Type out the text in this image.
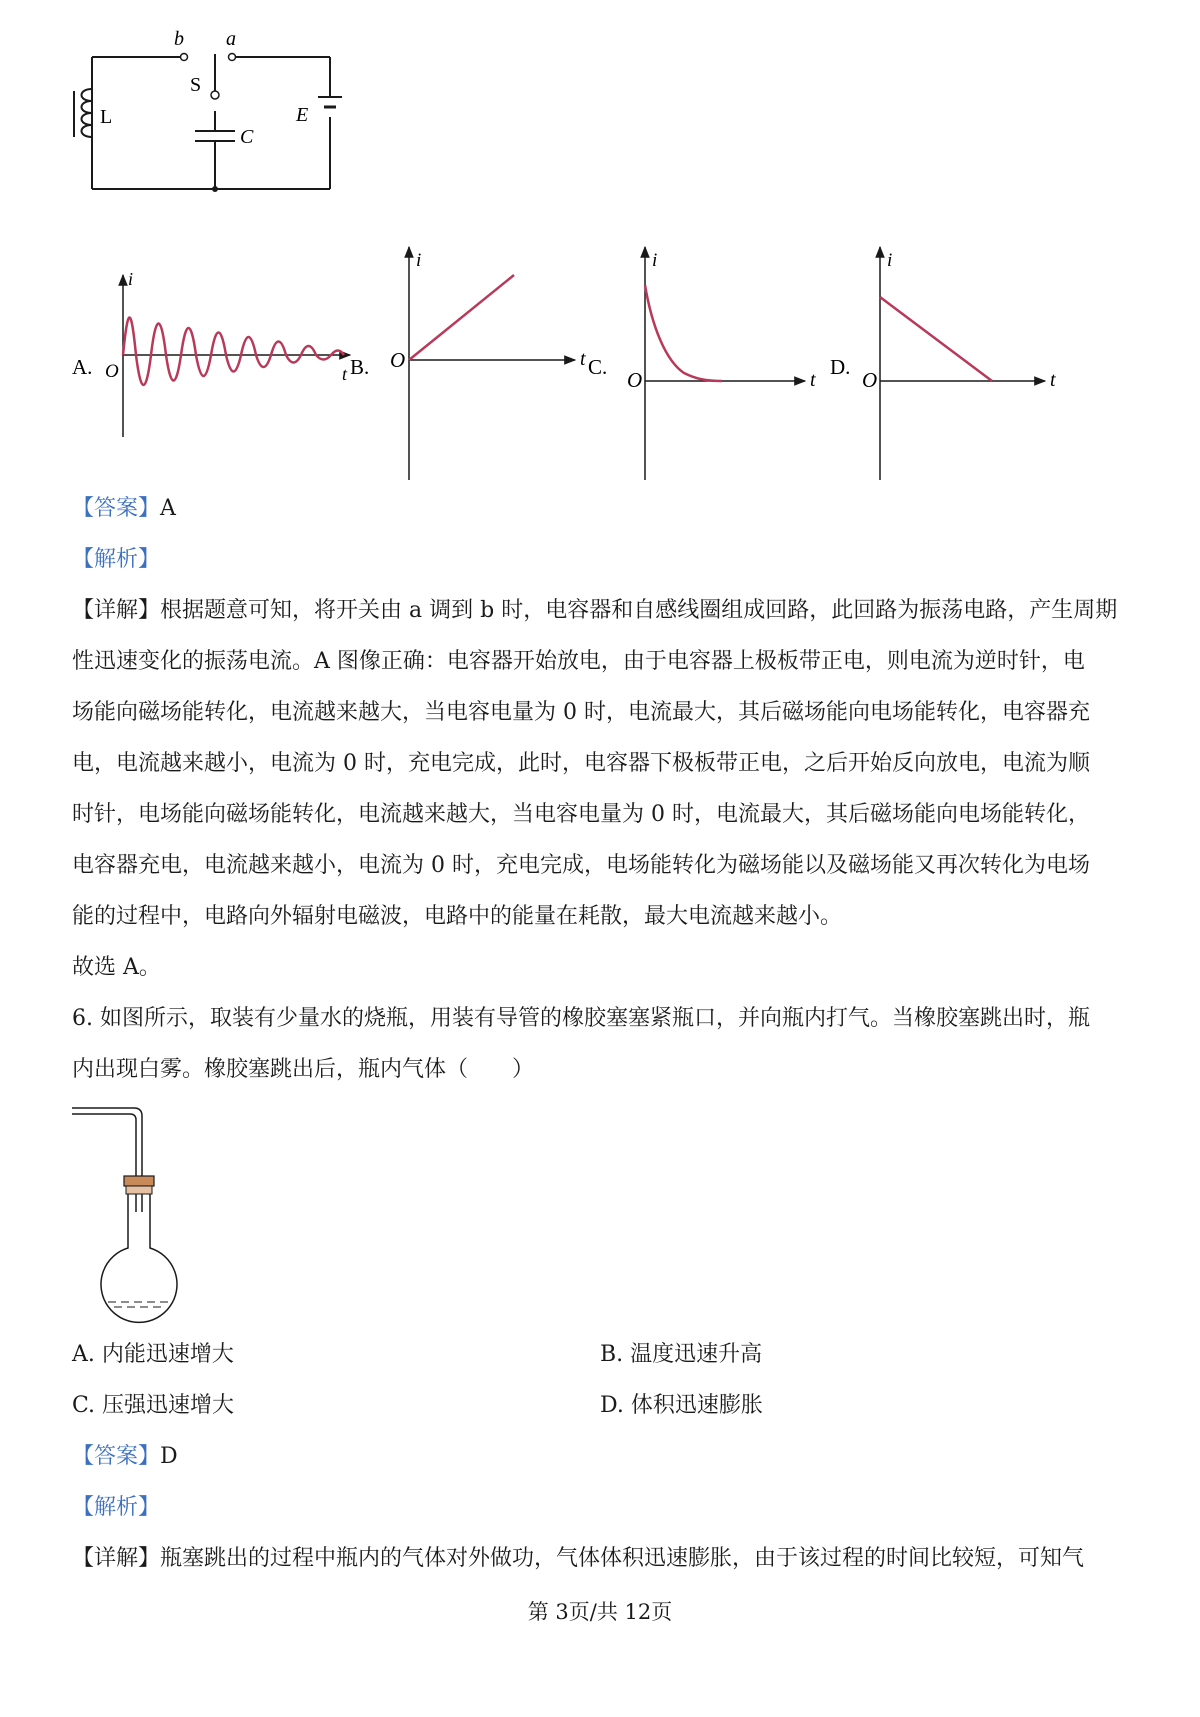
b a
S
L
C
E
A. O
i
t B. O
i
t C.
O
i
t
D.
O
i
t
【答案】A
【解析】
【详解】根据题意可知，将开关由 a 调到 b 时，电容器和自感线圈组成回路，此回路为振荡电路，产生周期
性迅速变化的振荡电流。A 图像正确：电容器开始放电，由于电容器上极板带正电，则电流为逆时针，电
场能向磁场能转化，电流越来越大，当电容电量为 0 时，电流最大，其后磁场能向电场能转化，电容器充
电，电流越来越小，电流为 0 时，充电完成，此时，电容器下极板带正电，之后开始反向放电，电流为顺
时针，电场能向磁场能转化，电流越来越大，当电容电量为 0 时，电流最大，其后磁场能向电场能转化，
电容器充电，电流越来越小，电流为 0 时，充电完成，电场能转化为磁场能以及磁场能又再次转化为电场
能的过程中，电路向外辐射电磁波，电路中的能量在耗散，最大电流越来越小。
故选 A。
6. 如图所示，取装有少量水的烧瓶，用装有导管的橡胶塞塞紧瓶口，并向瓶内打气。当橡胶塞跳出时，瓶
内出现白雾。橡胶塞跳出后，瓶内气体（　　）
A. 内能迅速增大	B. 温度迅速升高
C. 压强迅速增大	D. 体积迅速膨胀
【答案】D
【解析】
【详解】瓶塞跳出的过程中瓶内的气体对外做功，气体体积迅速膨胀，由于该过程的时间比较短，可知气
第 3页/共 12页
